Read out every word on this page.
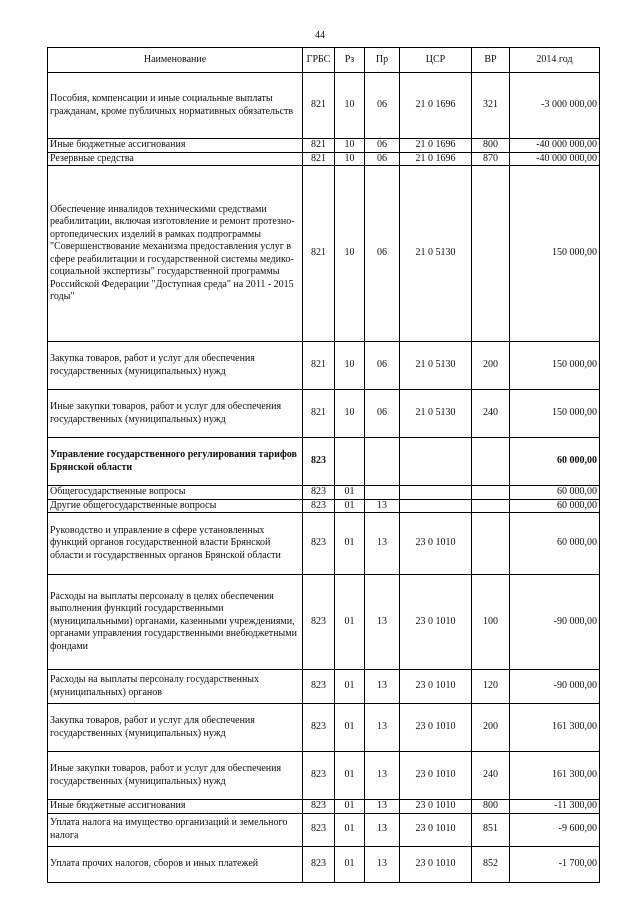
44
Наименование	ГРБС	Рз	Пр	ЦСР	ВР	2014 год
Пособия, компенсации и иные социальные выплаты гражданам, кроме публичных нормативных обязательств	821	10	06	21 0 1696	321	-3 000 000,00
Иные бюджетные ассигнования	821	10	06	21 0 1696	800	-40 000 000,00
Резервные средства	821	10	06	21 0 1696	870	-40 000 000,00
Обеспечение инвалидов техническими средствами реабилитации, включая изготовление и ремонт протезно-ортопедических изделий в рамках подпрограммы "Совершенствование механизма предоставления услуг в сфере реабилитации и государственной системы медико-социальной экспертизы" государственной программы Российской Федерации "Доступная среда" на 2011 - 2015 годы"	821	10	06	21 0 5130		150 000,00
Закупка товаров, работ и услуг для обеспечения государственных (муниципальных) нужд	821	10	06	21 0 5130	200	150 000,00
Иные закупки товаров, работ и услуг для обеспечения государственных (муниципальных) нужд	821	10	06	21 0 5130	240	150 000,00
Управление государственного регулирования тарифов Брянской области	823					60 000,00
Общегосударственные вопросы	823	01				60 000,00
Другие общегосударственные вопросы	823	01	13			60 000,00
Руководство и управление в сфере установленных функций органов государственной власти Брянской области и государственных органов Брянской области	823	01	13	23 0 1010		60 000,00
Расходы на выплаты персоналу в целях обеспечения выполнения функций государственными (муниципальными) органами, казенными учреждениями, органами управления государственными внебюджетными фондами	823	01	13	23 0 1010	100	-90 000,00
Расходы на выплаты персоналу государственных (муниципальных) органов	823	01	13	23 0 1010	120	-90 000,00
Закупка товаров, работ и услуг для обеспечения государственных (муниципальных) нужд	823	01	13	23 0 1010	200	161 300,00
Иные закупки товаров, работ и услуг для обеспечения государственных (муниципальных) нужд	823	01	13	23 0 1010	240	161 300,00
Иные бюджетные ассигнования	823	01	13	23 0 1010	800	-11 300,00
Уплата налога на имущество организаций и земельного налога	823	01	13	23 0 1010	851	-9 600,00
Уплата прочих налогов, сборов и иных платежей	823	01	13	23 0 1010	852	-1 700,00
